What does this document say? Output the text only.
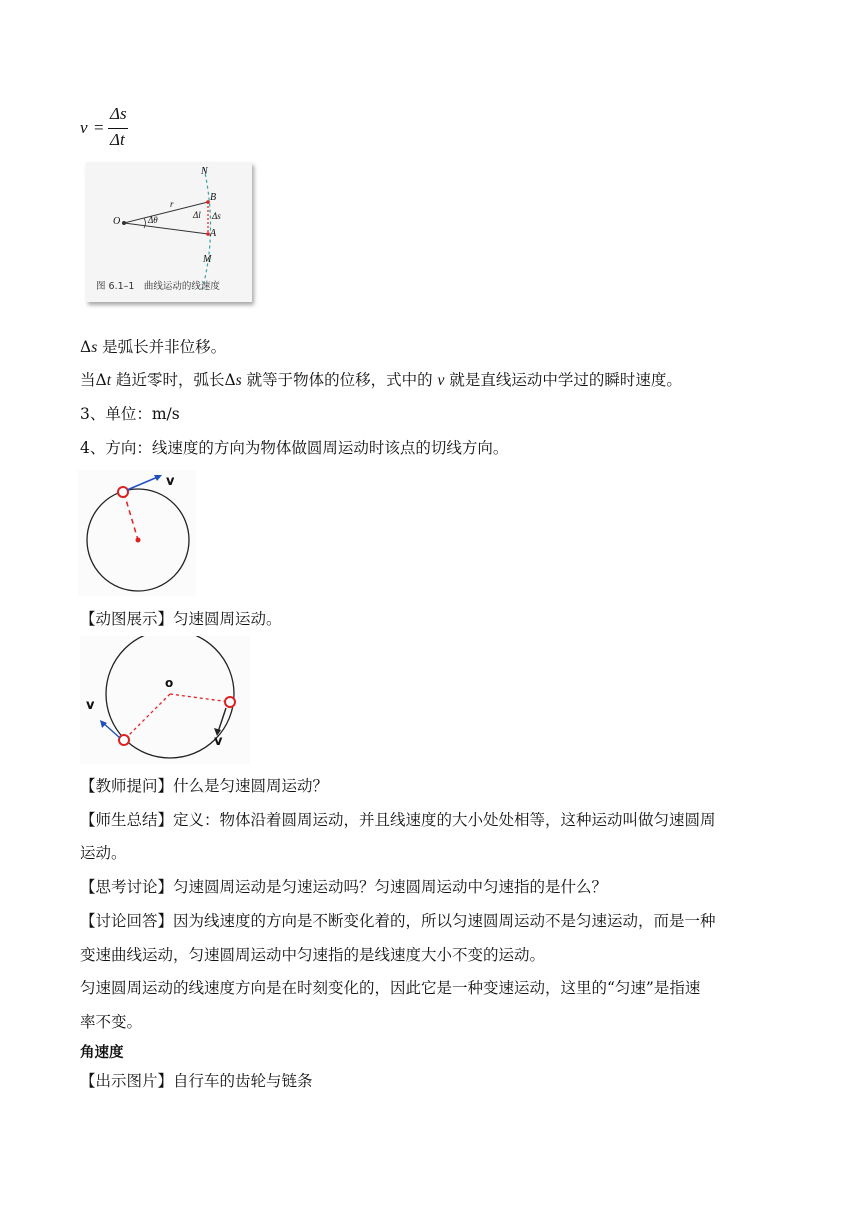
v =
Δs
Δt
N
B
O
r
Δθ	Δl Δs
A
M
图 6.1–1　曲线运动的线速度
Δs 是弧长并非位移。
当Δt 趋近零时，弧长Δs 就等于物体的位移，式中的 v 就是直线运动中学过的瞬时速度。
3、单位：m/s
4、方向：线速度的方向为物体做圆周运动时该点的切线方向。
v
【动图展示】匀速圆周运动。
o
v
v
【教师提问】什么是匀速圆周运动？
【师生总结】定义：物体沿着圆周运动，并且线速度的大小处处相等，这种运动叫做匀速圆周
运动。
【思考讨论】匀速圆周运动是匀速运动吗？匀速圆周运动中匀速指的是什么？
【讨论回答】因为线速度的方向是不断变化着的，所以匀速圆周运动不是匀速运动，而是一种
变速曲线运动，匀速圆周运动中匀速指的是线速度大小不变的运动。
匀速圆周运动的线速度方向是在时刻变化的，因此它是一种变速运动，这里的“匀速”是指速
率不变。
角速度
【出示图片】自行车的齿轮与链条
